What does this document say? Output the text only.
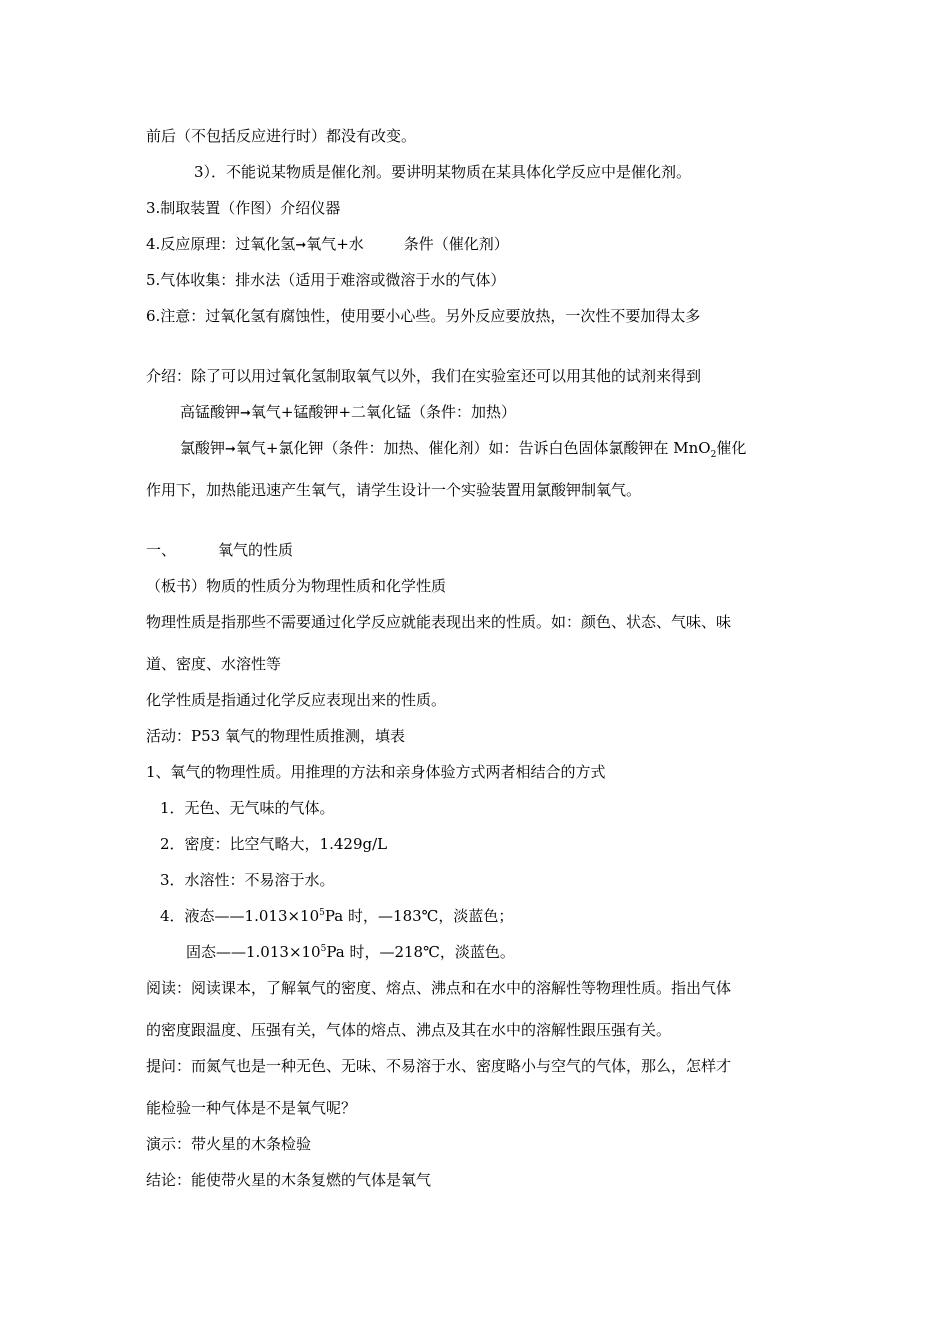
前后（不包括反应进行时）都没有改变。
3）．不能说某物质是催化剂。要讲明某物质在某具体化学反应中是催化剂。
3.制取装置（作图）介绍仪器
4.反应原理：过氧化氢➞氧气+水	条件（催化剂）
5.气体收集：排水法（适用于难溶或微溶于水的气体）
6.注意：过氧化氢有腐蚀性，使用要小心些。另外反应要放热，一次性不要加得太多
介绍：除了可以用过氧化氢制取氧气以外，我们在实验室还可以用其他的试剂来得到
高锰酸钾➞氧气+锰酸钾+二氧化锰（条件：加热）
氯酸钾➞氧气+氯化钾（条件：加热、催化剂）如：告诉白色固体氯酸钾在 MnO$_2$催化
作用下，加热能迅速产生氧气，请学生设计一个实验装置用氯酸钾制氧气。
一、	氧气的性质
（板书）物质的性质分为物理性质和化学性质
物理性质是指那些不需要通过化学反应就能表现出来的性质。如：颜色、状态、气味、味
道、密度、水溶性等
化学性质是指通过化学反应表现出来的性质。
活动：P53 氧气的物理性质推测，填表
1、氧气的物理性质。用推理的方法和亲身体验方式两者相结合的方式
1．无色、无气味的气体。
2．密度：比空气略大，1.429g/L
3．水溶性：不易溶于水。
4．液态$——1.013\times 10^5Pa$ 时，—183℃，淡蓝色；
固态$——1.013\times 10^5Pa$ 时，—218℃，淡蓝色。
阅读：阅读课本，了解氧气的密度、熔点、沸点和在水中的溶解性等物理性质。指出气体
的密度跟温度、压强有关，气体的熔点、沸点及其在水中的溶解性跟压强有关。
提问：而氮气也是一种无色、无味、不易溶于水、密度略小与空气的气体，那么，怎样才
能检验一种气体是不是氧气呢？
演示：带火星的木条检验
结论：能使带火星的木条复燃的气体是氧气
